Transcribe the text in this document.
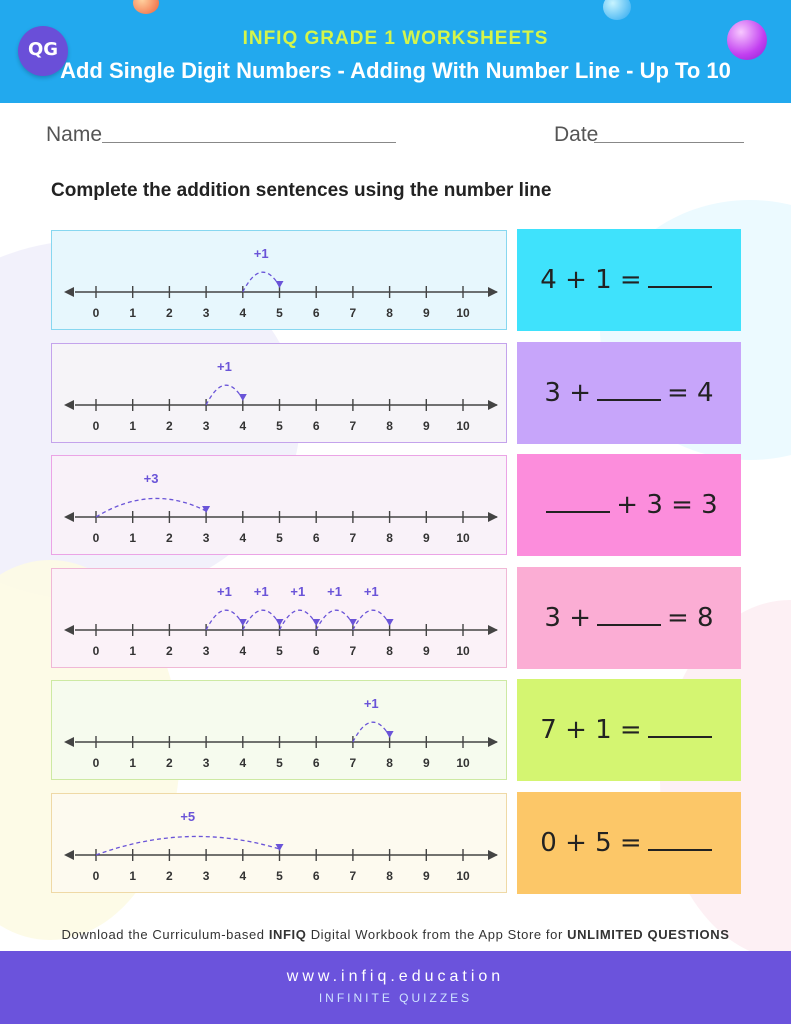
QG
INFIQ GRADE 1 WORKSHEETS
Add Single Digit Numbers - Adding With Number Line - Up To 10
Name	Date
Complete the addition sentences using the number line
0	1	2	3	4	5	6	7	8	9 10
+1
4 + 1 =
0	1	2	3	4	5	6	7	8	9 10
+1
3 +	= 4
0	1	2	3	4	5	6	7	8	9 10
+3
+ 3 = 3
0	1	2	3	4	5	6	7	8	9 10
+1 +1 +1 +1 +1
3 +	= 8
0	1	2	3	4	5	6	7	8	9 10
+1
7 + 1 =
0	1	2	3	4	5	6	7	8	9 10
+5
0 + 5 =
Download the Curriculum-based INFIQ Digital Workbook from the App Store for UNLIMITED QUESTIONS
www.infiq.education
INFINITE QUIZZES
